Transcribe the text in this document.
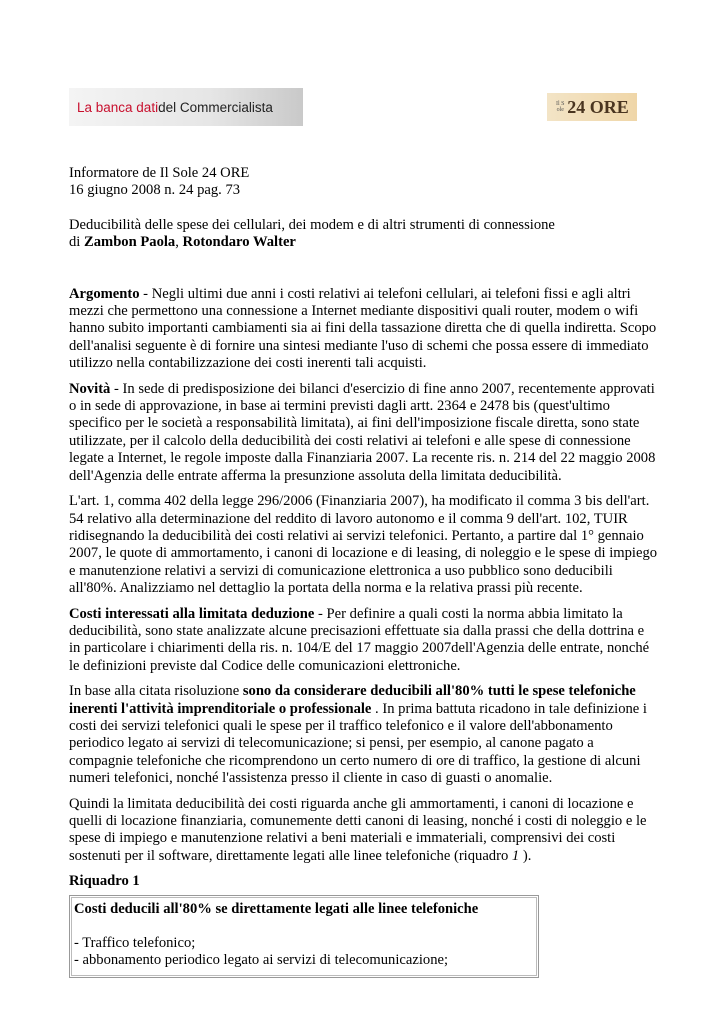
La banca dati del Commercialista	Il Sole 24 ORE

Informatore de Il Sole 24 ORE

16 giugno 2008 n. 24 pag. 73

Deducibilità delle spese dei cellulari, dei modem e di altri strumenti di connessione

di Zambon Paola, Rotondaro Walter

Argomento - Negli ultimi due anni i costi relativi ai telefoni cellulari, ai telefoni fissi e agli altri mezzi che permettono una connessione a Internet mediante dispositivi quali router, modem o wifi hanno subito importanti cambiamenti sia ai fini della tassazione diretta che di quella indiretta. Scopo dell'analisi seguente è di fornire una sintesi mediante l'uso di schemi che possa essere di immediato utilizzo nella contabilizzazione dei costi inerenti tali acquisti.

Novità - In sede di predisposizione dei bilanci d'esercizio di fine anno 2007, recentemente approvati o in sede di approvazione, in base ai termini previsti dagli artt. 2364 e 2478 bis (quest'ultimo specifico per le società a responsabilità limitata), ai fini dell'imposizione fiscale diretta, sono state utilizzate, per il calcolo della deducibilità dei costi relativi ai telefoni e alle spese di connessione legate a Internet, le regole imposte dalla Finanziaria 2007. La recente ris. n. 214 del 22 maggio 2008 dell'Agenzia delle entrate afferma la presunzione assoluta della limitata deducibilità.

L'art. 1, comma 402 della legge 296/2006 (Finanziaria 2007), ha modificato il comma 3 bis dell'art. 54 relativo alla determinazione del reddito di lavoro autonomo e il comma 9 dell'art. 102, TUIR ridisegnando la deducibilità dei costi relativi ai servizi telefonici. Pertanto, a partire dal 1° gennaio 2007, le quote di ammortamento, i canoni di locazione e di leasing, di noleggio e le spese di impiego e manutenzione relativi a servizi di comunicazione elettronica a uso pubblico sono deducibili all'80%. Analizziamo nel dettaglio la portata della norma e la relativa prassi più recente.

Costi interessati alla limitata deduzione - Per definire a quali costi la norma abbia limitato la deducibilità, sono state analizzate alcune precisazioni effettuate sia dalla prassi che della dottrina e in particolare i chiarimenti della ris. n. 104/E del 17 maggio 2007dell'Agenzia delle entrate, nonché le definizioni previste dal Codice delle comunicazioni elettroniche.

In base alla citata risoluzione sono da considerare deducibili all'80% tutti le spese telefoniche inerenti l'attività imprenditoriale o professionale . In prima battuta ricadono in tale definizione i costi dei servizi telefonici quali le spese per il traffico telefonico e il valore dell'abbonamento periodico legato ai servizi di telecomunicazione; si pensi, per esempio, al canone pagato a compagnie telefoniche che ricomprendono un certo numero di ore di traffico, la gestione di alcuni numeri telefonici, nonché l'assistenza presso il cliente in caso di guasti o anomalie.

Quindi la limitata deducibilità dei costi riguarda anche gli ammortamenti, i canoni di locazione e quelli di locazione finanziaria, comunemente detti canoni di leasing, nonché i costi di noleggio e le spese di impiego e manutenzione relativi a beni materiali e immateriali, comprensivi dei costi sostenuti per il software, direttamente legati alle linee telefoniche (riquadro 1 ).

Riquadro 1

Costi deducili all'80% se direttamente legati alle linee telefoniche

- Traffico telefonico;

- abbonamento periodico legato ai servizi di telecomunicazione;
